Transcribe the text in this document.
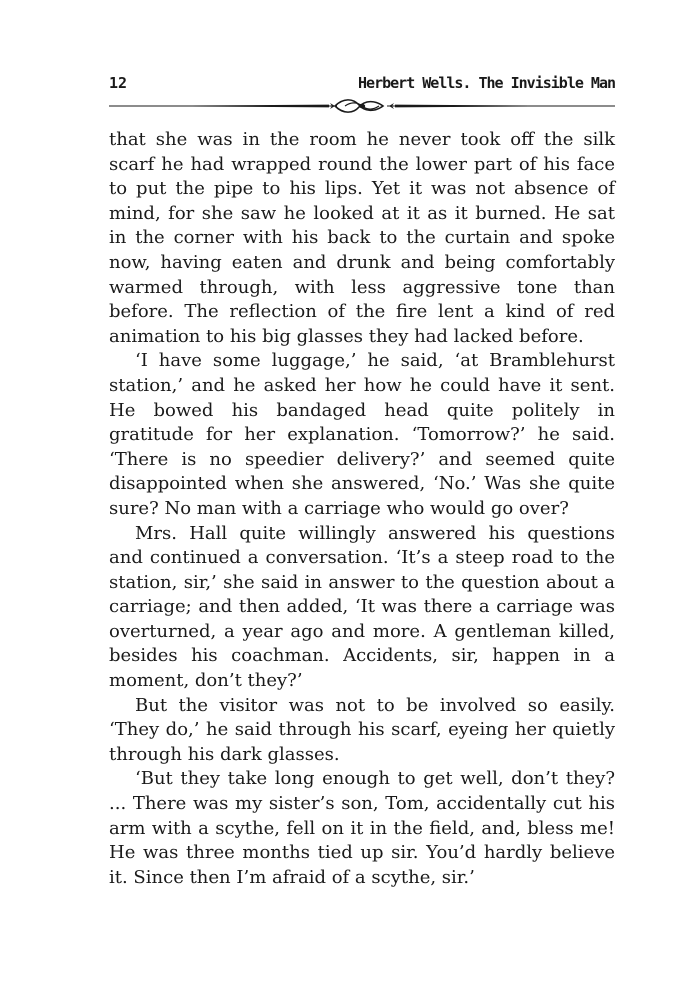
12	Herbert Wells. The Invisible Man

that she was in the room he never took off the silk scarf he had wrapped round the lower part of his face to put the pipe to his lips. Yet it was not absence of mind, for she saw he looked at it as it burned. He sat in the corner with his back to the curtain and spoke now, having eaten and drunk and being comfortably warmed through, with less aggressive tone than before. The reflection of the fire lent a kind of red animation to his big glasses they had lacked before.

‘I have some luggage,’ he said, ‘at Bramblehurst station,’ and he asked her how he could have it sent. He bowed his bandaged head quite politely in gratitude for her explanation. ‘Tomorrow?’ he said. ‘There is no speedier delivery?’ and seemed quite disappointed when she answered, ‘No.’ Was she quite sure? No man with a carriage who would go over?

Mrs. Hall quite willingly answered his questions and continued a conversation. ‘It’s a steep road to the station, sir,’ she said in answer to the question about a carriage; and then added, ‘It was there a carriage was overturned, a year ago and more. A gentleman killed, besides his coachman. Accidents, sir, happen in a moment, don’t they?’

But the visitor was not to be involved so easily. ‘They do,’ he said through his scarf, eyeing her quietly through his dark glasses.

‘But they take long enough to get well, don’t they? ... There was my sister’s son, Tom, accidentally cut his arm with a scythe, fell on it in the field, and, bless me! He was three months tied up sir. You’d hardly believe it. Since then I’m afraid of a scythe, sir.’
